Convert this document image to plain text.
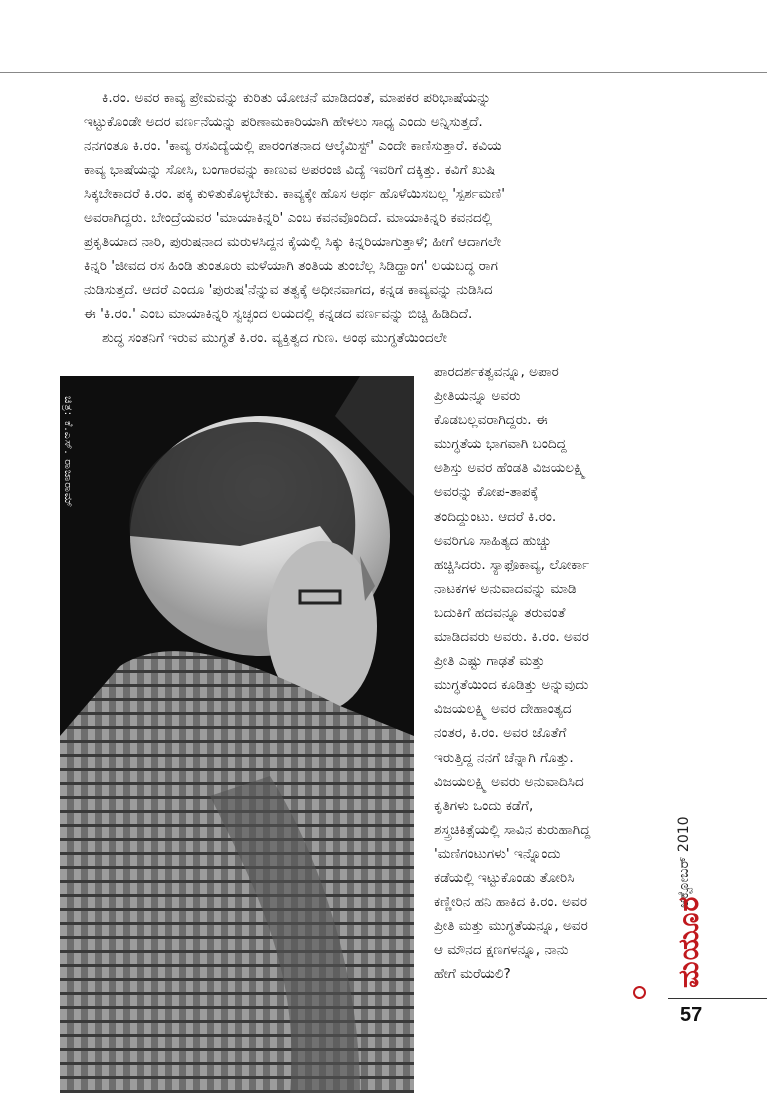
ಕಿ.ರಂ. ಅವರ ಕಾವ್ಯ ಪ್ರೇಮವನ್ನು ಕುರಿತು ಯೋಚನೆ ಮಾಡಿದಂತೆ, ಮಾಪಕರ ಪರಿಭಾಷೆಯನ್ನು
ಇಟ್ಟುಕೊಂಡೇ ಅದರ ವರ್ಣನೆಯನ್ನು ಪರಿಣಾಮಕಾರಿಯಾಗಿ ಹೇಳಲು ಸಾಧ್ಯ ಎಂದು ಅನ್ನಿಸುತ್ತದೆ.
ನನಗಂತೂ ಕಿ.ರಂ. 'ಕಾವ್ಯ ರಸವಿದ್ಯೆಯಲ್ಲಿ ಪಾರಂಗತನಾದ ಆಲ್ಕೆಮಿಸ್ಟ್' ಎಂದೇ ಕಾಣಿಸುತ್ತಾರೆ. ಕವಿಯ
ಕಾವ್ಯ ಭಾಷೆಯನ್ನು ಸೋಸಿ, ಬಂಗಾರವನ್ನು ಕಾಣುವ ಅಪರಂಜಿ ವಿದ್ಯೆ ಇವರಿಗೆ ದಕ್ಕಿತ್ತು. ಕವಿಗೆ ಖುಷಿ
ಸಿಕ್ಕಬೇಕಾದರೆ ಕಿ.ರಂ. ಪಕ್ಕ ಕುಳಿತುಕೊಳ್ಳಬೇಕು. ಕಾವ್ಯಕ್ಕೇ ಹೊಸ ಅರ್ಥ ಹೊಳೆಯಿಸಬಲ್ಲ 'ಸ್ಪರ್ಶಮಣಿ'
ಅವರಾಗಿದ್ದರು. ಬೇಂದ್ರೆಯವರ 'ಮಾಯಾಕಿನ್ನರಿ' ಎಂಬ ಕವನವೊಂದಿದೆ. ಮಾಯಾಕಿನ್ನರಿ ಕವನದಲ್ಲಿ
ಪ್ರಕೃತಿಯಾದ ನಾರಿ, ಪುರುಷನಾದ ಮರುಳಸಿದ್ದನ ಕೈಯಲ್ಲಿ ಸಿಕ್ಕು ಕಿನ್ನರಿಯಾಗುತ್ತಾಳೆ; ಹೀಗೆ ಆದಾಗಲೇ
ಕಿನ್ನರಿ 'ಜೀವದ ರಸ ಹಿಂಡಿ ತುಂತೂರು ಮಳೆಯಾಗಿ ತಂತಿಯ ತುಂಬೆಲ್ಲ ಸಿಡಿದ್ಹಾಂಗ' ಲಯಬದ್ಧ ರಾಗ
ನುಡಿಸುತ್ತದೆ. ಆದರೆ ಎಂದೂ 'ಪುರುಷ'ನೆನ್ನುವ ತತ್ವಕ್ಕೆ ಅಧೀನವಾಗದ, ಕನ್ನಡ ಕಾವ್ಯವನ್ನು ನುಡಿಸಿದ
ಈ 'ಕಿ.ರಂ.' ಎಂಬ ಮಾಯಾಕಿನ್ನರಿ ಸ್ವಚ್ಛಂದ ಲಯದಲ್ಲಿ ಕನ್ನಡದ ವರ್ಣವನ್ನು ಬಿಚ್ಚಿ ಹಿಡಿದಿದೆ.
ಶುದ್ಧ ಸಂತನಿಗೆ ಇರುವ ಮುಗ್ಧತೆ ಕಿ.ರಂ. ವ್ಯಕ್ತಿತ್ವದ ಗುಣ. ಅಂಥ ಮುಗ್ಧತೆಯಿಂದಲೇ
ಚಿತ್ರ: ಕೆ.ಎಸ್. ರಾಜಾರಾಮ್
ಪಾರದರ್ಶಕತ್ವವನ್ನೂ, ಅಪಾರ
ಪ್ರೀತಿಯನ್ನೂ ಅವರು
ಕೊಡಬಲ್ಲವರಾಗಿದ್ದರು. ಈ
ಮುಗ್ಧತೆಯ ಭಾಗವಾಗಿ ಬಂದಿದ್ದ
ಅಶಿಸ್ತು ಅವರ ಹೆಂಡತಿ ವಿಜಯಲಕ್ಷ್ಮಿ
ಅವರನ್ನು ಕೋಪ-ತಾಪಕ್ಕೆ
ತಂದಿದ್ದುಂಟು. ಆದರೆ ಕಿ.ರಂ.
ಅವರಿಗೂ ಸಾಹಿತ್ಯದ ಹುಚ್ಚು
ಹಚ್ಚಿಸಿದರು. ಸ್ಯಾಫೊಕಾವ್ಯ, ಲೋರ್ಕಾ
ನಾಟಕಗಳ ಅನುವಾದವನ್ನು ಮಾಡಿ
ಬದುಕಿಗೆ ಹದವನ್ನೂ ತರುವಂತೆ
ಮಾಡಿದವರು ಅವರು. ಕಿ.ರಂ. ಅವರ
ಪ್ರೀತಿ ಎಷ್ಟು ಗಾಢತೆ ಮತ್ತು
ಮುಗ್ಧತೆಯಿಂದ ಕೂಡಿತ್ತು ಅನ್ನುವುದು
ವಿಜಯಲಕ್ಷ್ಮಿ ಅವರ ದೇಹಾಂತ್ಯದ
ನಂತರ, ಕಿ.ರಂ. ಅವರ ಜೊತೆಗೆ
ಇರುತ್ತಿದ್ದ ನನಗೆ ಚೆನ್ನಾಗಿ ಗೊತ್ತು.
ವಿಜಯಲಕ್ಷ್ಮಿ ಅವರು ಅನುವಾದಿಸಿದ
ಕೃತಿಗಳು ಒಂದು ಕಡೆಗೆ,
ಶಸ್ತ್ರಚಿಕಿತ್ಸೆಯಲ್ಲಿ ಸಾವಿನ ಕುರುಹಾಗಿದ್ದ
'ಮಣಿಗಂಟುಗಳು' ಇನ್ನೊಂದು
ಕಡೆಯಲ್ಲಿ ಇಟ್ಟುಕೊಂಡು ತೋರಿಸಿ
ಕಣ್ಣೀರಿನ ಹನಿ ಹಾಕಿದ ಕಿ.ರಂ. ಅವರ
ಪ್ರೀತಿ ಮತ್ತು ಮುಗ್ಧತೆಯನ್ನೂ, ಅವರ
ಆ ಮೌನದ ಕ್ಷಣಗಳನ್ನೂ, ನಾನು
ಹೇಗೆ ಮರೆಯಲಿ?
ಅಕ್ಟೋಬರ್ 2010
ಮಯೂರ
57
